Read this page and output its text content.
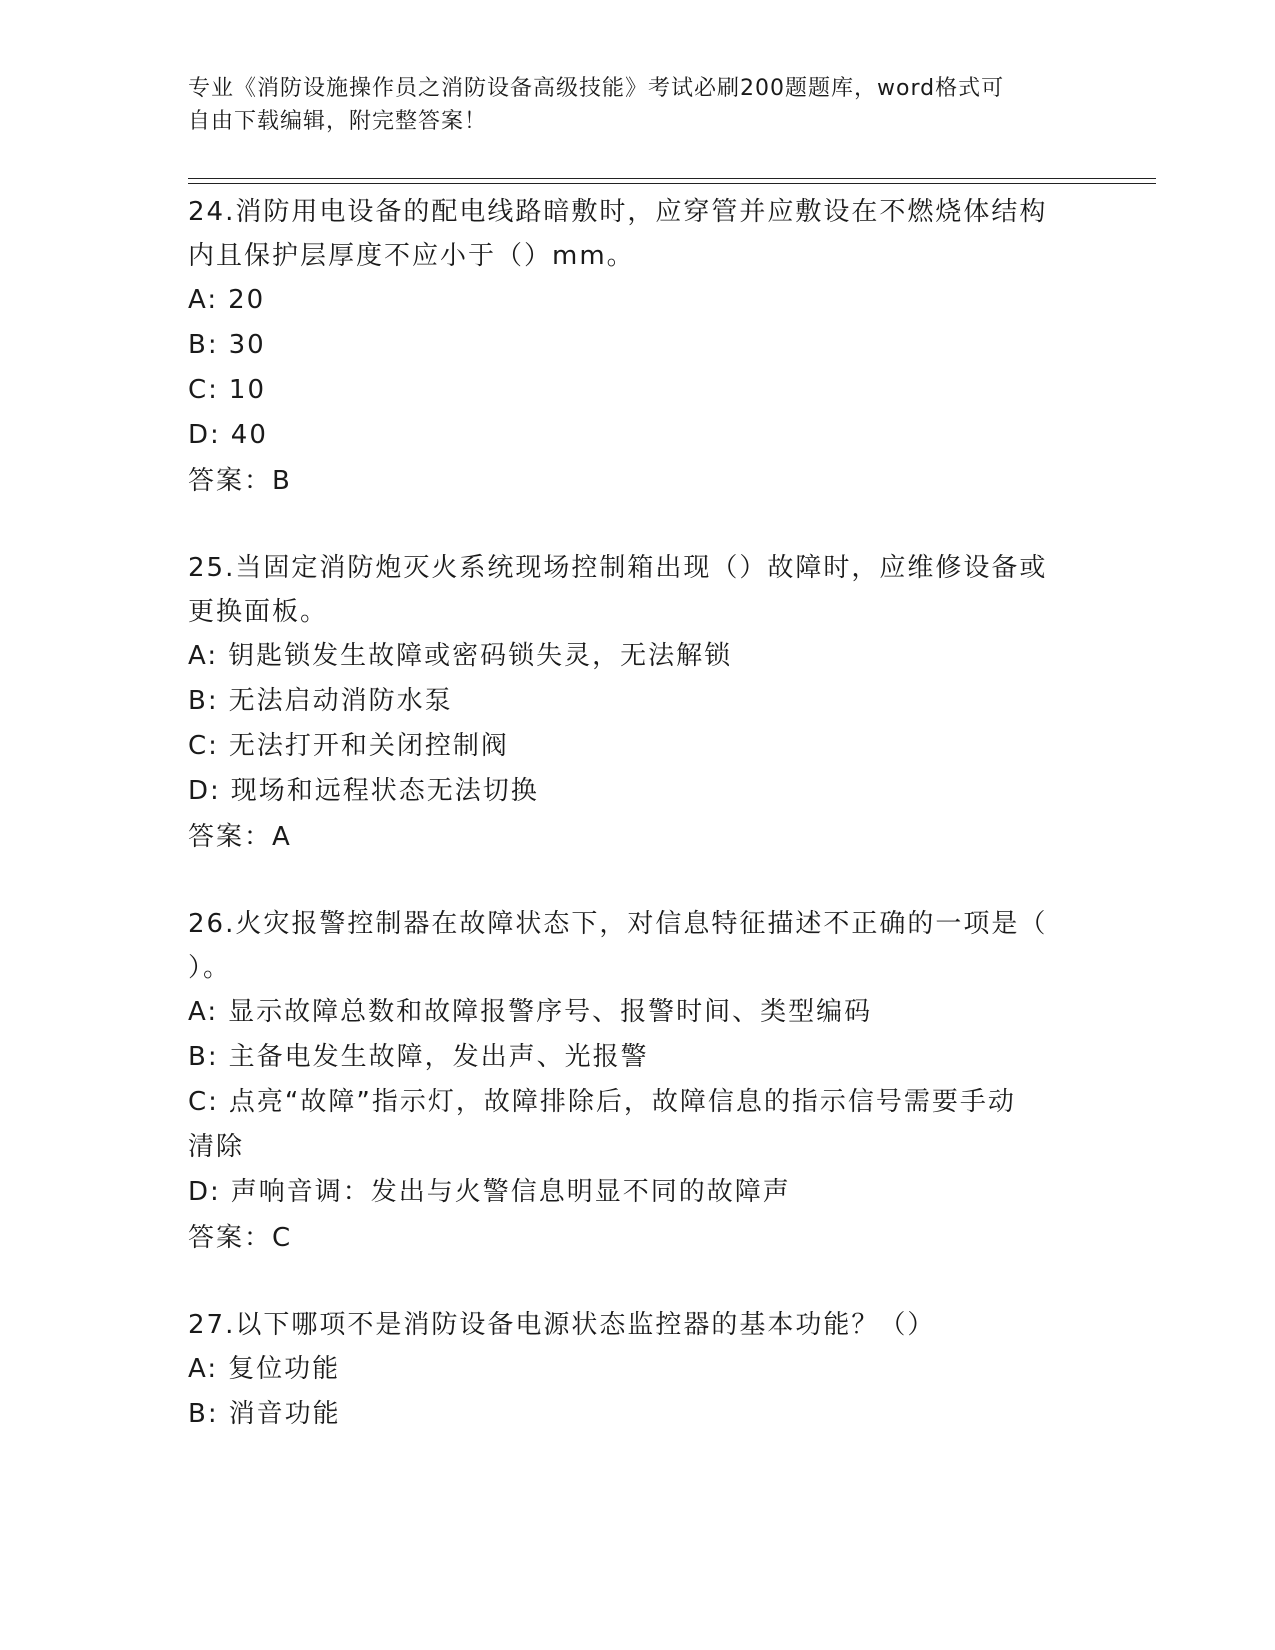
专业《消防设施操作员之消防设备高级技能》考试必刷200题题库，word格式可
自由下载编辑，附完整答案！

24.消防用电设备的配电线路暗敷时，应穿管并应敷设在不燃烧体结构

内且保护层厚度不应小于（）mm。

A: 20

B: 30

C: 10

D: 40

答案：B

25.当固定消防炮灭火系统现场控制箱出现（）故障时，应维修设备或

更换面板。

A: 钥匙锁发生故障或密码锁失灵，无法解锁

B: 无法启动消防水泵

C: 无法打开和关闭控制阀

D: 现场和远程状态无法切换

答案：A

26.火灾报警控制器在故障状态下，对信息特征描述不正确的一项是（

）。

A: 显示故障总数和故障报警序号、报警时间、类型编码

B: 主备电发生故障，发出声、光报警

C: 点亮“故障”指示灯，故障排除后，故障信息的指示信号需要手动

清除

D: 声响音调：发出与火警信息明显不同的故障声

答案：C

27.以下哪项不是消防设备电源状态监控器的基本功能？（）

A: 复位功能

B: 消音功能
